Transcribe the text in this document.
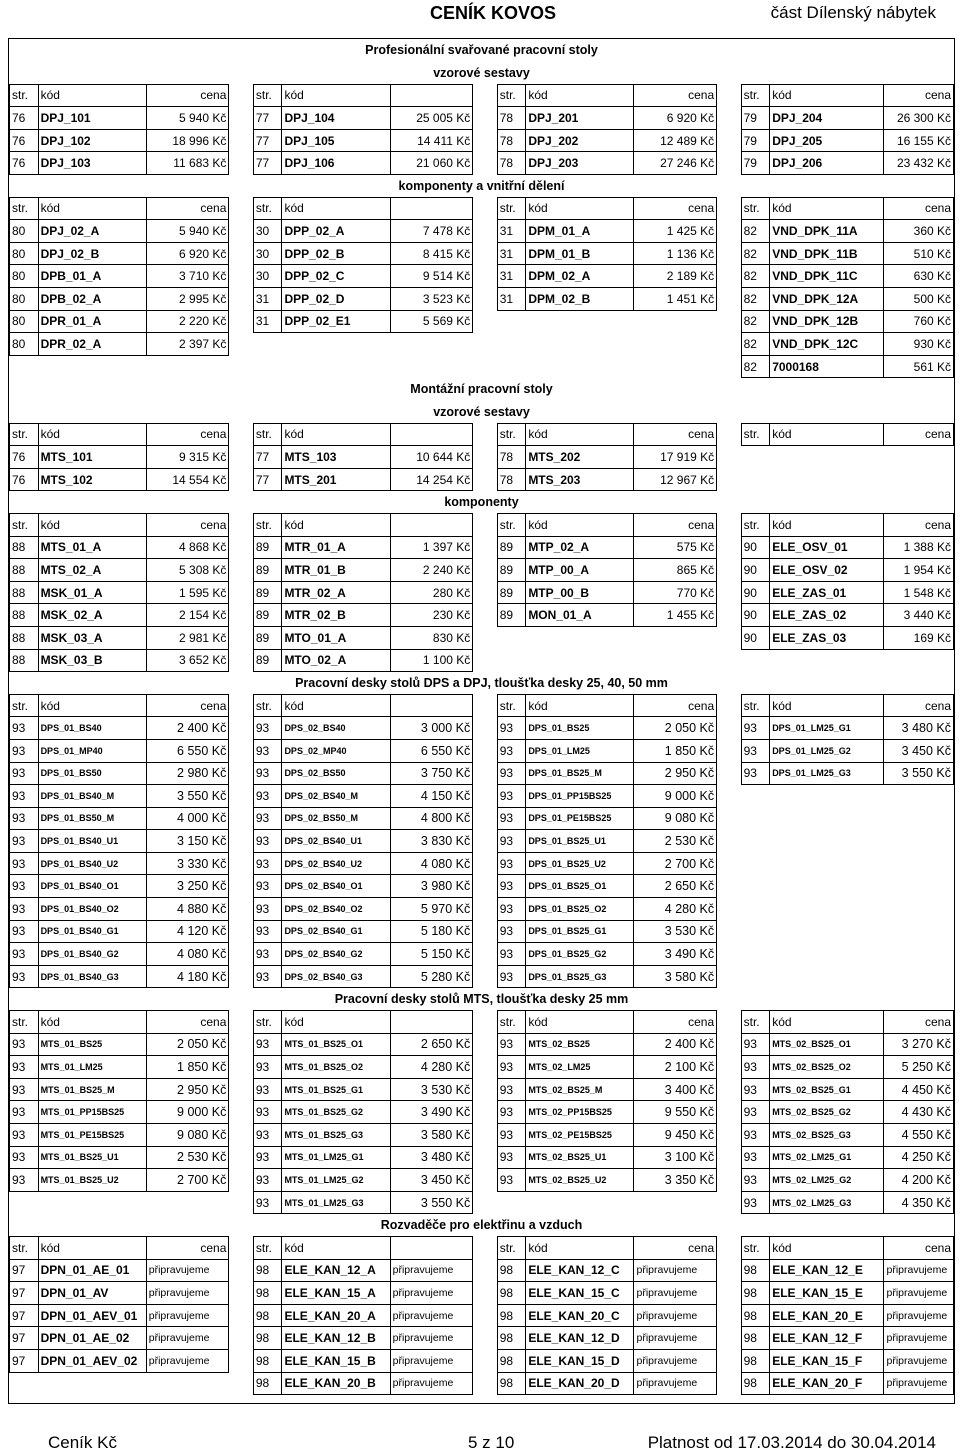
CENÍK KOVOS	část Dílenský nábytek
Profesionální svařované pracovní stoly														
vzorové sestavy														
str.	kód	cena		str.	kód			str.	kód	cena		str.	kód	cena
76	DPJ_101	5 940 Kč		77	DPJ_104	25 005 Kč		78	DPJ_201	6 920 Kč		79	DPJ_204	26 300 Kč
76	DPJ_102	18 996 Kč		77	DPJ_105	14 411 Kč		78	DPJ_202	12 489 Kč		79	DPJ_205	16 155 Kč
76	DPJ_103	11 683 Kč		77	DPJ_106	21 060 Kč		78	DPJ_203	27 246 Kč		79	DPJ_206	23 432 Kč
komponenty a vnitřní dělení														
str.	kód	cena		str.	kód			str.	kód	cena		str.	kód	cena
80	DPJ_02_A	5 940 Kč		30	DPP_02_A	7 478 Kč		31	DPM_01_A	1 425 Kč		82	VND_DPK_11A	360 Kč
80	DPJ_02_B	6 920 Kč		30	DPP_02_B	8 415 Kč		31	DPM_01_B	1 136 Kč		82	VND_DPK_11B	510 Kč
80	DPB_01_A	3 710 Kč		30	DPP_02_C	9 514 Kč		31	DPM_02_A	2 189 Kč		82	VND_DPK_11C	630 Kč
80	DPB_02_A	2 995 Kč		31	DPP_02_D	3 523 Kč		31	DPM_02_B	1 451 Kč		82	VND_DPK_12A	500 Kč
80	DPR_01_A	2 220 Kč		31	DPP_02_E1	5 569 Kč						82	VND_DPK_12B	760 Kč
80	DPR_02_A	2 397 Kč										82	VND_DPK_12C	930 Kč
												82	7000168	561 Kč
Montážní pracovní stoly														
vzorové sestavy														
str.	kód	cena		str.	kód			str.	kód	cena		str.	kód	cena
76	MTS_101	9 315 Kč		77	MTS_103	10 644 Kč		78	MTS_202	17 919 Kč				
76	MTS_102	14 554 Kč		77	MTS_201	14 254 Kč		78	MTS_203	12 967 Kč				
komponenty														
str.	kód	cena		str.	kód			str.	kód	cena		str.	kód	cena
88	MTS_01_A	4 868 Kč		89	MTR_01_A	1 397 Kč		89	MTP_02_A	575 Kč		90	ELE_OSV_01	1 388 Kč
88	MTS_02_A	5 308 Kč		89	MTR_01_B	2 240 Kč		89	MTP_00_A	865 Kč		90	ELE_OSV_02	1 954 Kč
88	MSK_01_A	1 595 Kč		89	MTR_02_A	280 Kč		89	MTP_00_B	770 Kč		90	ELE_ZAS_01	1 548 Kč
88	MSK_02_A	2 154 Kč		89	MTR_02_B	230 Kč		89	MON_01_A	1 455 Kč		90	ELE_ZAS_02	3 440 Kč
88	MSK_03_A	2 981 Kč		89	MTO_01_A	830 Kč						90	ELE_ZAS_03	169 Kč
88	MSK_03_B	3 652 Kč		89	MTO_02_A	1 100 Kč								
Pracovní desky stolů DPS a DPJ, tloušťka desky 25, 40, 50 mm														
str.	kód	cena		str.	kód			str.	kód	cena		str.	kód	cena
93	DPS_01_BS40	2 400 Kč		93	DPS_02_BS40	3 000 Kč		93	DPS_01_BS25	2 050 Kč		93	DPS_01_LM25_G1	3 480 Kč
93	DPS_01_MP40	6 550 Kč		93	DPS_02_MP40	6 550 Kč		93	DPS_01_LM25	1 850 Kč		93	DPS_01_LM25_G2	3 450 Kč
93	DPS_01_BS50	2 980 Kč		93	DPS_02_BS50	3 750 Kč		93	DPS_01_BS25_M	2 950 Kč		93	DPS_01_LM25_G3	3 550 Kč
93	DPS_01_BS40_M	3 550 Kč		93	DPS_02_BS40_M	4 150 Kč		93	DPS_01_PP15BS25	9 000 Kč				
93	DPS_01_BS50_M	4 000 Kč		93	DPS_02_BS50_M	4 800 Kč		93	DPS_01_PE15BS25	9 080 Kč				
93	DPS_01_BS40_U1	3 150 Kč		93	DPS_02_BS40_U1	3 830 Kč		93	DPS_01_BS25_U1	2 530 Kč				
93	DPS_01_BS40_U2	3 330 Kč		93	DPS_02_BS40_U2	4 080 Kč		93	DPS_01_BS25_U2	2 700 Kč				
93	DPS_01_BS40_O1	3 250 Kč		93	DPS_02_BS40_O1	3 980 Kč		93	DPS_01_BS25_O1	2 650 Kč				
93	DPS_01_BS40_O2	4 880 Kč		93	DPS_02_BS40_O2	5 970 Kč		93	DPS_01_BS25_O2	4 280 Kč				
93	DPS_01_BS40_G1	4 120 Kč		93	DPS_02_BS40_G1	5 180 Kč		93	DPS_01_BS25_G1	3 530 Kč				
93	DPS_01_BS40_G2	4 080 Kč		93	DPS_02_BS40_G2	5 150 Kč		93	DPS_01_BS25_G2	3 490 Kč				
93	DPS_01_BS40_G3	4 180 Kč		93	DPS_02_BS40_G3	5 280 Kč		93	DPS_01_BS25_G3	3 580 Kč				
Pracovní desky stolů MTS, tloušťka desky 25 mm														
str.	kód	cena		str.	kód			str.	kód	cena		str.	kód	cena
93	MTS_01_BS25	2 050 Kč		93	MTS_01_BS25_O1	2 650 Kč		93	MTS_02_BS25	2 400 Kč		93	MTS_02_BS25_O1	3 270 Kč
93	MTS_01_LM25	1 850 Kč		93	MTS_01_BS25_O2	4 280 Kč		93	MTS_02_LM25	2 100 Kč		93	MTS_02_BS25_O2	5 250 Kč
93	MTS_01_BS25_M	2 950 Kč		93	MTS_01_BS25_G1	3 530 Kč		93	MTS_02_BS25_M	3 400 Kč		93	MTS_02_BS25_G1	4 450 Kč
93	MTS_01_PP15BS25	9 000 Kč		93	MTS_01_BS25_G2	3 490 Kč		93	MTS_02_PP15BS25	9 550 Kč		93	MTS_02_BS25_G2	4 430 Kč
93	MTS_01_PE15BS25	9 080 Kč		93	MTS_01_BS25_G3	3 580 Kč		93	MTS_02_PE15BS25	9 450 Kč		93	MTS_02_BS25_G3	4 550 Kč
93	MTS_01_BS25_U1	2 530 Kč		93	MTS_01_LM25_G1	3 480 Kč		93	MTS_02_BS25_U1	3 100 Kč		93	MTS_02_LM25_G1	4 250 Kč
93	MTS_01_BS25_U2	2 700 Kč		93	MTS_01_LM25_G2	3 450 Kč		93	MTS_02_BS25_U2	3 350 Kč		93	MTS_02_LM25_G2	4 200 Kč
				93	MTS_01_LM25_G3	3 550 Kč						93	MTS_02_LM25_G3	4 350 Kč
Rozvaděče pro elektřinu a vzduch														
str.	kód	cena		str.	kód			str.	kód	cena		str.	kód	cena
97	DPN_01_AE_01	připravujeme		98	ELE_KAN_12_A	připravujeme		98	ELE_KAN_12_C	připravujeme		98	ELE_KAN_12_E	připravujeme
97	DPN_01_AV	připravujeme		98	ELE_KAN_15_A	připravujeme		98	ELE_KAN_15_C	připravujeme		98	ELE_KAN_15_E	připravujeme
97	DPN_01_AEV_01	připravujeme		98	ELE_KAN_20_A	připravujeme		98	ELE_KAN_20_C	připravujeme		98	ELE_KAN_20_E	připravujeme
97	DPN_01_AE_02	připravujeme		98	ELE_KAN_12_B	připravujeme		98	ELE_KAN_12_D	připravujeme		98	ELE_KAN_12_F	připravujeme
97	DPN_01_AEV_02	připravujeme		98	ELE_KAN_15_B	připravujeme		98	ELE_KAN_15_D	připravujeme		98	ELE_KAN_15_F	připravujeme
				98	ELE_KAN_20_B	připravujeme		98	ELE_KAN_20_D	připravujeme		98	ELE_KAN_20_F	připravujeme
Ceník Kč	5 z 10	Platnost od 17.03.2014 do 30.04.2014
